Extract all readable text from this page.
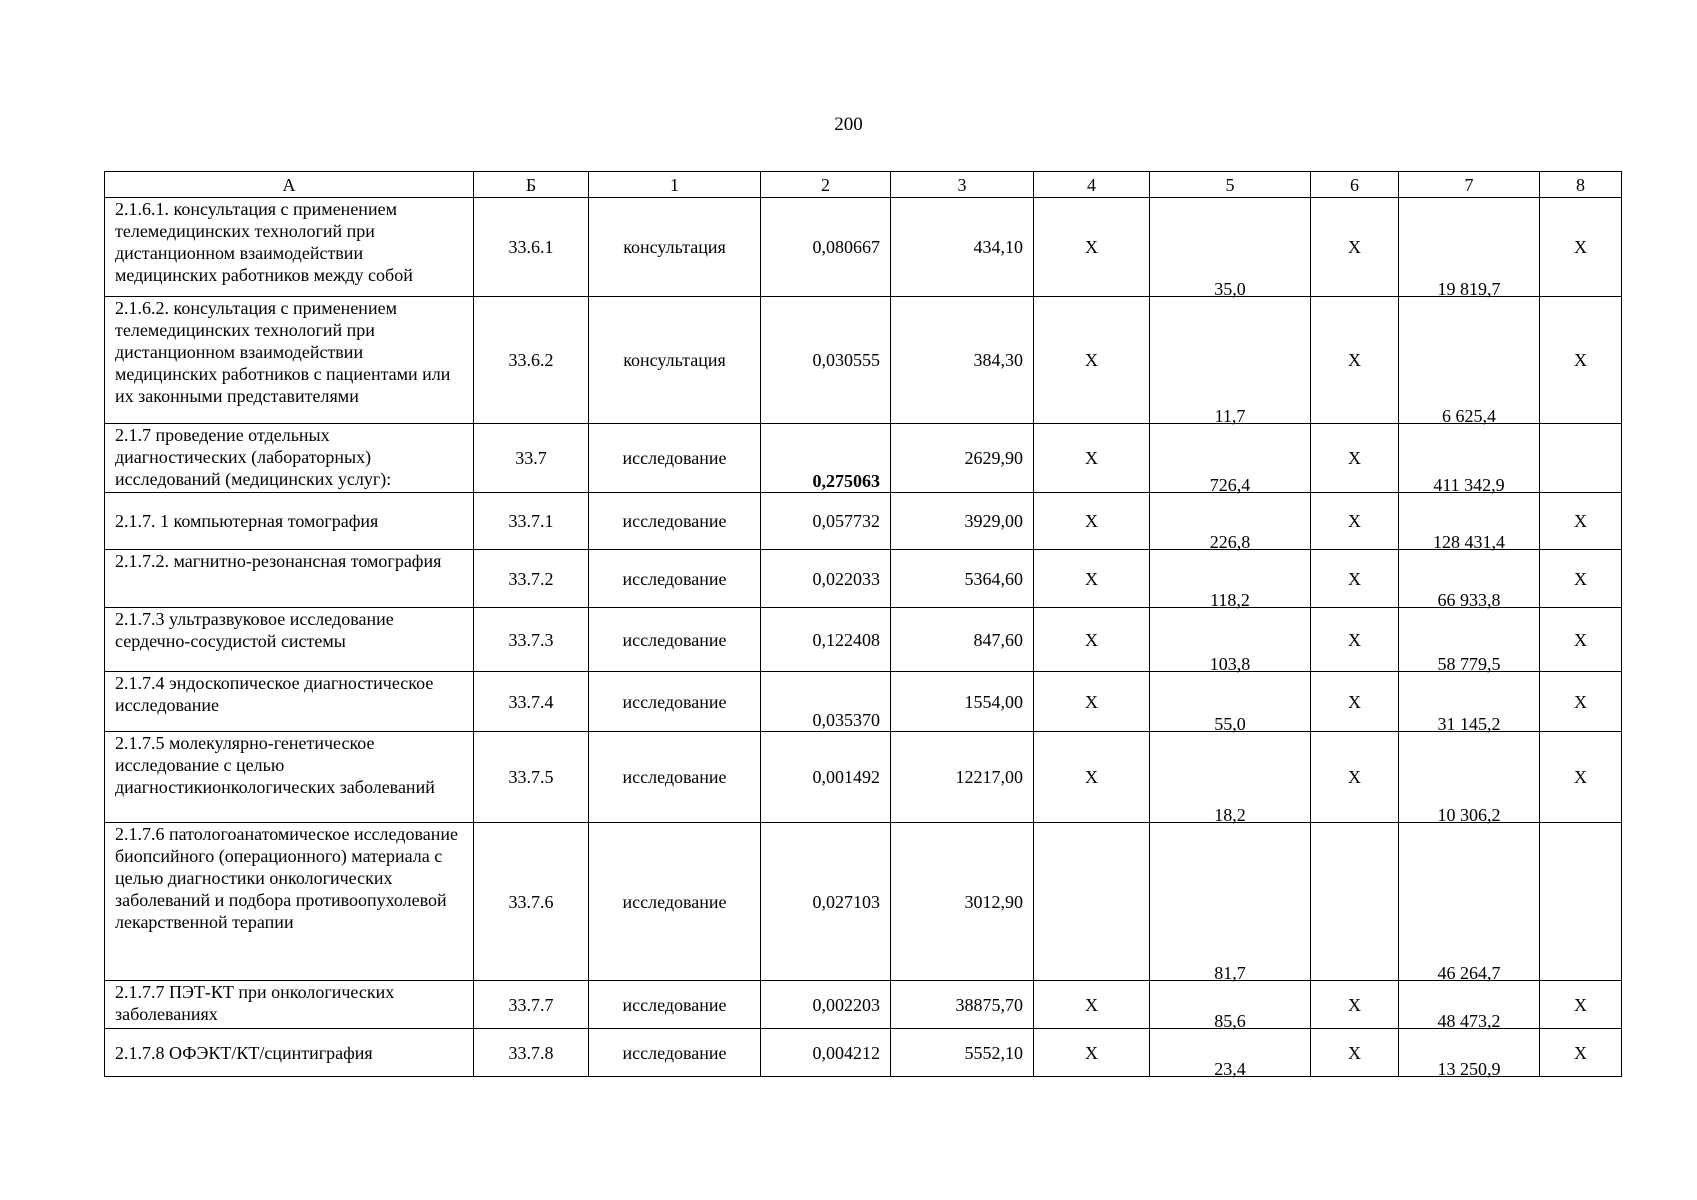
200
А	Б	1	2	3	4	5	6	7	8
2.1.6.1. консультация с применением телемедицинских технологий при дистанционном взаимодействии медицинских работников между собой	33.6.1	консультация	0,080667	434,10	Х	35,0	Х	19 819,7	Х
2.1.6.2. консультация с применением телемедицинских технологий при дистанционном взаимодействии медицинских работников с пациентами или их законными представителями	33.6.2	консультация	0,030555	384,30	Х	11,7	Х	6 625,4	Х
2.1.7 проведение отдельных диагностических (лабораторных) исследований (медицинских услуг):	33.7	исследование	0,275063	2629,90	Х	726,4	Х	411 342,9	
2.1.7. 1 компьютерная томография	33.7.1	исследование	0,057732	3929,00	Х	226,8	Х	128 431,4	Х
2.1.7.2. магнитно-резонансная томография	33.7.2	исследование	0,022033	5364,60	Х	118,2	Х	66 933,8	Х
2.1.7.3 ультразвуковое исследование сердечно-сосудистой системы	33.7.3	исследование	0,122408	847,60	Х	103,8	Х	58 779,5	Х
2.1.7.4 эндоскопическое диагностическое исследование	33.7.4	исследование	0,035370	1554,00	Х	55,0	Х	31 145,2	Х
2.1.7.5 молекулярно-генетическое исследование с целью диагностикионкологических заболеваний	33.7.5	исследование	0,001492	12217,00	Х	18,2	Х	10 306,2	Х
2.1.7.6 патологоанатомическое исследование биопсийного (операционного) материала с целью диагностики онкологических заболеваний и подбора противоопухолевой лекарственной терапии	33.7.6	исследование	0,027103	3012,90		81,7		46 264,7	
2.1.7.7 ПЭТ-КТ при онкологических заболеваниях	33.7.7	исследование	0,002203	38875,70	Х	85,6	Х	48 473,2	Х
2.1.7.8 ОФЭКТ/КТ/сцинтиграфия	33.7.8	исследование	0,004212	5552,10	Х	23,4	Х	13 250,9	Х
